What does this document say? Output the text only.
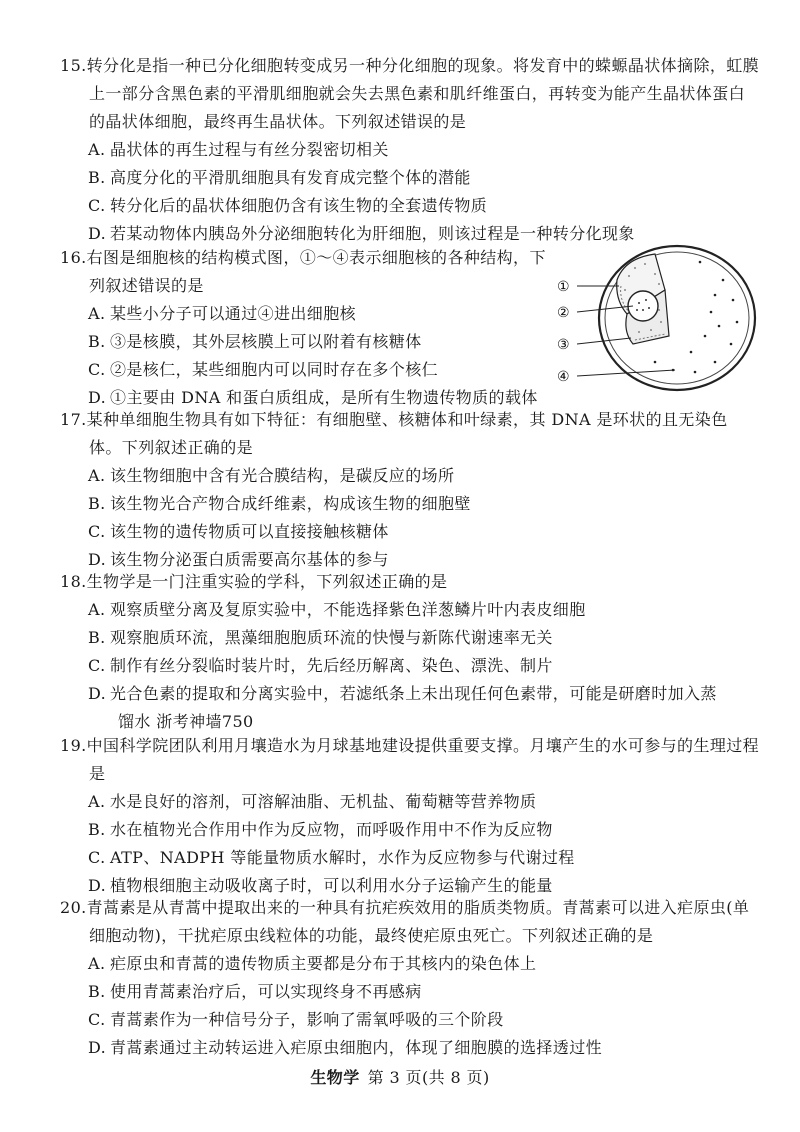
15.转分化是指一种已分化细胞转变成另一种分化细胞的现象。将发育中的蝾螈晶状体摘除，虹膜上一部分含黑色素的平滑肌细胞就会失去黑色素和肌纤维蛋白，再转变为能产生晶状体蛋白的晶状体细胞，最终再生晶状体。下列叙述错误的是
A. 晶状体的再生过程与有丝分裂密切相关
B. 高度分化的平滑肌细胞具有发育成完整个体的潜能
C. 转分化后的晶状体细胞仍含有该生物的全套遗传物质
D. 若某动物体内胰岛外分泌细胞转化为肝细胞，则该过程是一种转分化现象
16.右图是细胞核的结构模式图，①～④表示细胞核的各种结构，下
列叙述错误的是
A. 某些小分子可以通过④进出细胞核
B. ③是核膜，其外层核膜上可以附着有核糖体
C. ②是核仁，某些细胞内可以同时存在多个核仁
D. ①主要由 DNA 和蛋白质组成，是所有生物遗传物质的载体
①
②
③
④
17.某种单细胞生物具有如下特征：有细胞壁、核糖体和叶绿素，其 DNA 是环状的且无染色体。下列叙述正确的是
A. 该生物细胞中含有光合膜结构，是碳反应的场所
B. 该生物光合产物合成纤维素，构成该生物的细胞壁
C. 该生物的遗传物质可以直接接触核糖体
D. 该生物分泌蛋白质需要高尔基体的参与
18.生物学是一门注重实验的学科，下列叙述正确的是
A. 观察质壁分离及复原实验中，不能选择紫色洋葱鳞片叶内表皮细胞
B. 观察胞质环流，黑藻细胞胞质环流的快慢与新陈代谢速率无关
C. 制作有丝分裂临时装片时，先后经历解离、染色、漂洗、制片
D. 光合色素的提取和分离实验中，若滤纸条上未出现任何色素带，可能是研磨时加入蒸
馏水 浙考神墙750
19.中国科学院团队利用月壤造水为月球基地建设提供重要支撑。月壤产生的水可参与的生理过程是
A. 水是良好的溶剂，可溶解油脂、无机盐、葡萄糖等营养物质
B. 水在植物光合作用中作为反应物，而呼吸作用中不作为反应物
C. ATP、NADPH 等能量物质水解时，水作为反应物参与代谢过程
D. 植物根细胞主动吸收离子时，可以利用水分子运输产生的能量
20.青蒿素是从青蒿中提取出来的一种具有抗疟疾效用的脂质类物质。青蒿素可以进入疟原虫(单细胞动物)，干扰疟原虫线粒体的功能，最终使疟原虫死亡。下列叙述正确的是
A. 疟原虫和青蒿的遗传物质主要都是分布于其核内的染色体上
B. 使用青蒿素治疗后，可以实现终身不再感病
C. 青蒿素作为一种信号分子，影响了需氧呼吸的三个阶段
D. 青蒿素通过主动转运进入疟原虫细胞内，体现了细胞膜的选择透过性
生物学 第 3 页(共 8 页)
